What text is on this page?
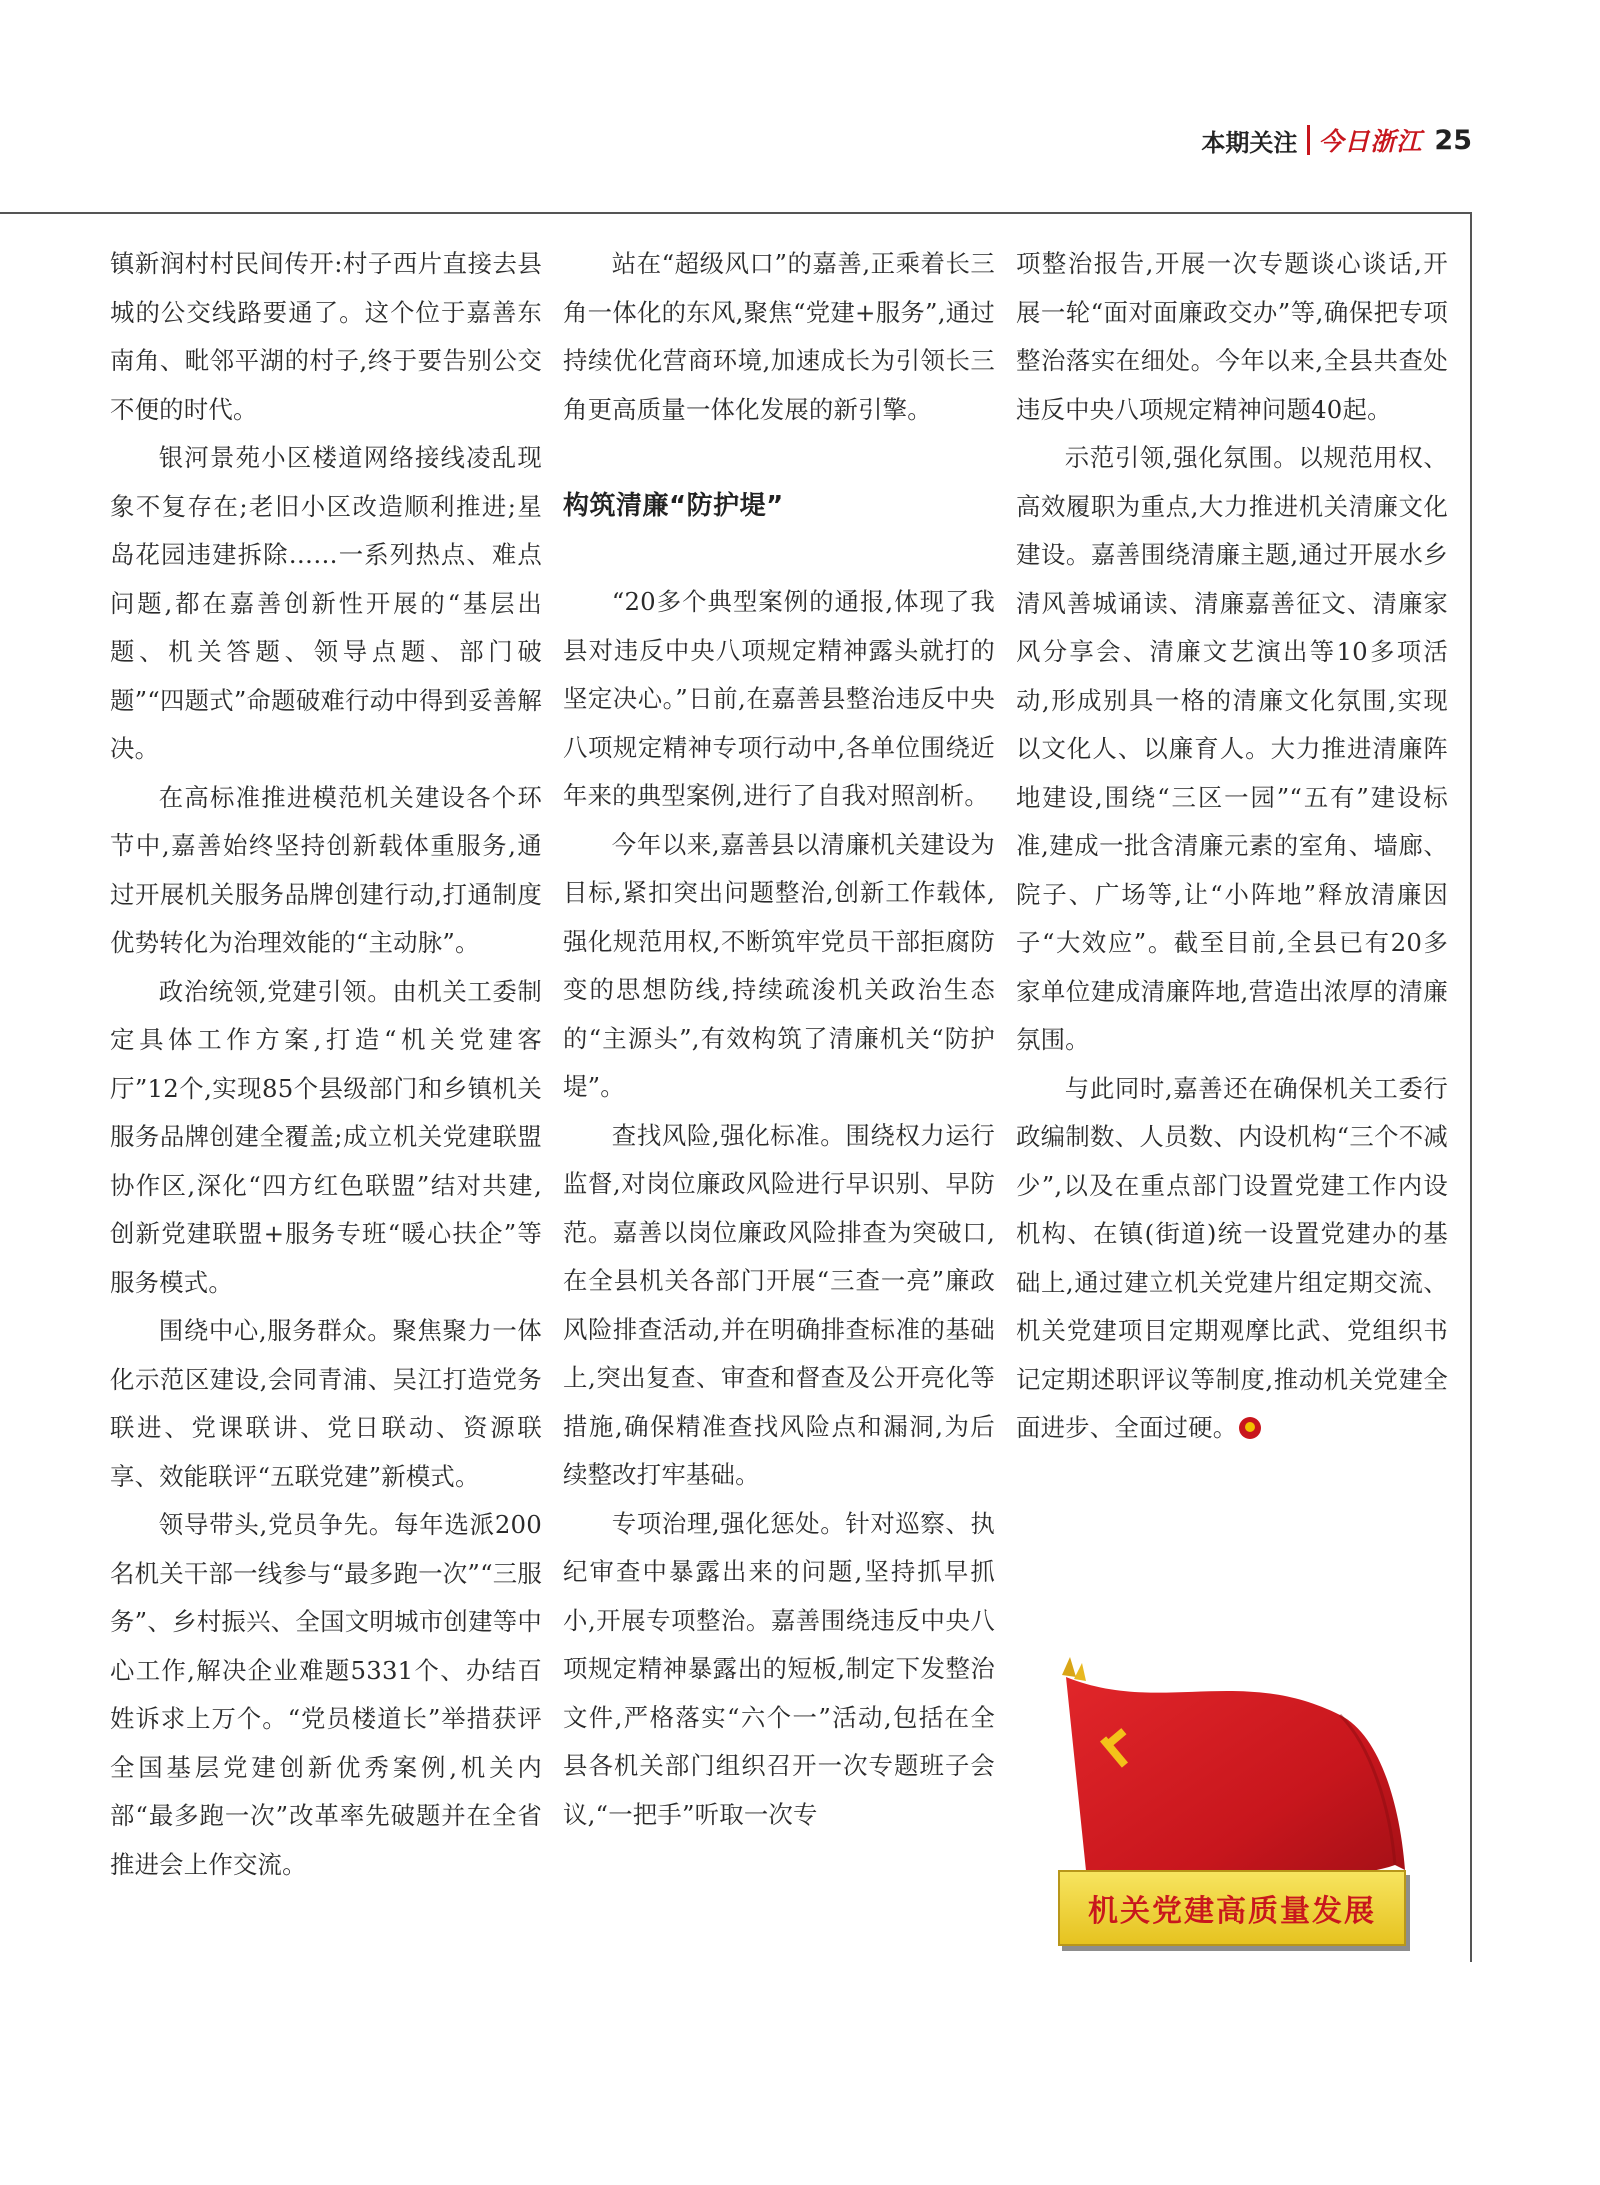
本期关注 今日浙江 25

镇新润村村民间传开:村子西片直接去县城的公交线路要通了。这个位于嘉善东南角、毗邻平湖的村子,终于要告别公交不便的时代。

银河景苑小区楼道网络接线凌乱现象不复存在;老旧小区改造顺利推进;星岛花园违建拆除……一系列热点、难点问题,都在嘉善创新性开展的“基层出题、机关答题、领导点题、部门破题”“四题式”命题破难行动中得到妥善解决。

在高标准推进模范机关建设各个环节中,嘉善始终坚持创新载体重服务,通过开展机关服务品牌创建行动,打通制度优势转化为治理效能的“主动脉”。

政治统领,党建引领。由机关工委制定具体工作方案,打造“机关党建客厅”12个,实现85个县级部门和乡镇机关服务品牌创建全覆盖;成立机关党建联盟协作区,深化“四方红色联盟”结对共建,创新党建联盟+服务专班“暖心扶企”等服务模式。

围绕中心,服务群众。聚焦聚力一体化示范区建设,会同青浦、吴江打造党务联进、党课联讲、党日联动、资源联享、效能联评“五联党建”新模式。

领导带头,党员争先。每年选派200名机关干部一线参与“最多跑一次”“三服务”、乡村振兴、全国文明城市创建等中心工作,解决企业难题5331个、办结百姓诉求上万个。“党员楼道长”举措获评全国基层党建创新优秀案例,机关内部“最多跑一次”改革率先破题并在全省推进会上作交流。

站在“超级风口”的嘉善,正乘着长三角一体化的东风,聚焦“党建+服务”,通过持续优化营商环境,加速成长为引领长三角更高质量一体化发展的新引擎。

构筑清廉“防护堤”

“20多个典型案例的通报,体现了我县对违反中央八项规定精神露头就打的坚定决心。”日前,在嘉善县整治违反中央八项规定精神专项行动中,各单位围绕近年来的典型案例,进行了自我对照剖析。

今年以来,嘉善县以清廉机关建设为目标,紧扣突出问题整治,创新工作载体,强化规范用权,不断筑牢党员干部拒腐防变的思想防线,持续疏浚机关政治生态的“主源头”,有效构筑了清廉机关“防护堤”。

查找风险,强化标准。围绕权力运行监督,对岗位廉政风险进行早识别、早防范。嘉善以岗位廉政风险排查为突破口,在全县机关各部门开展“三查一亮”廉政风险排查活动,并在明确排查标准的基础上,突出复查、审查和督查及公开亮化等措施,确保精准查找风险点和漏洞,为后续整改打牢基础。

专项治理,强化惩处。针对巡察、执纪审查中暴露出来的问题,坚持抓早抓小,开展专项整治。嘉善围绕违反中央八项规定精神暴露出的短板,制定下发整治文件,严格落实“六个一”活动,包括在全县各机关部门组织召开一次专题班子会议,“一把手”听取一次专

项整治报告,开展一次专题谈心谈话,开展一轮“面对面廉政交办”等,确保把专项整治落实在细处。今年以来,全县共查处违反中央八项规定精神问题40起。

示范引领,强化氛围。以规范用权、高效履职为重点,大力推进机关清廉文化建设。嘉善围绕清廉主题,通过开展水乡清风善城诵读、清廉嘉善征文、清廉家风分享会、清廉文艺演出等10多项活动,形成别具一格的清廉文化氛围,实现以文化人、以廉育人。大力推进清廉阵地建设,围绕“三区一园”“五有”建设标准,建成一批含清廉元素的室角、墙廊、院子、广场等,让“小阵地”释放清廉因子“大效应”。截至目前,全县已有20多家单位建成清廉阵地,营造出浓厚的清廉氛围。

与此同时,嘉善还在确保机关工委行政编制数、人员数、内设机构“三个不减少”,以及在重点部门设置党建工作内设机构、在镇(街道)统一设置党建办的基础上,通过建立机关党建片组定期交流、机关党建项目定期观摩比武、党组织书记定期述职评议等制度,推动机关党建全面进步、全面过硬。

机关党建高质量发展
